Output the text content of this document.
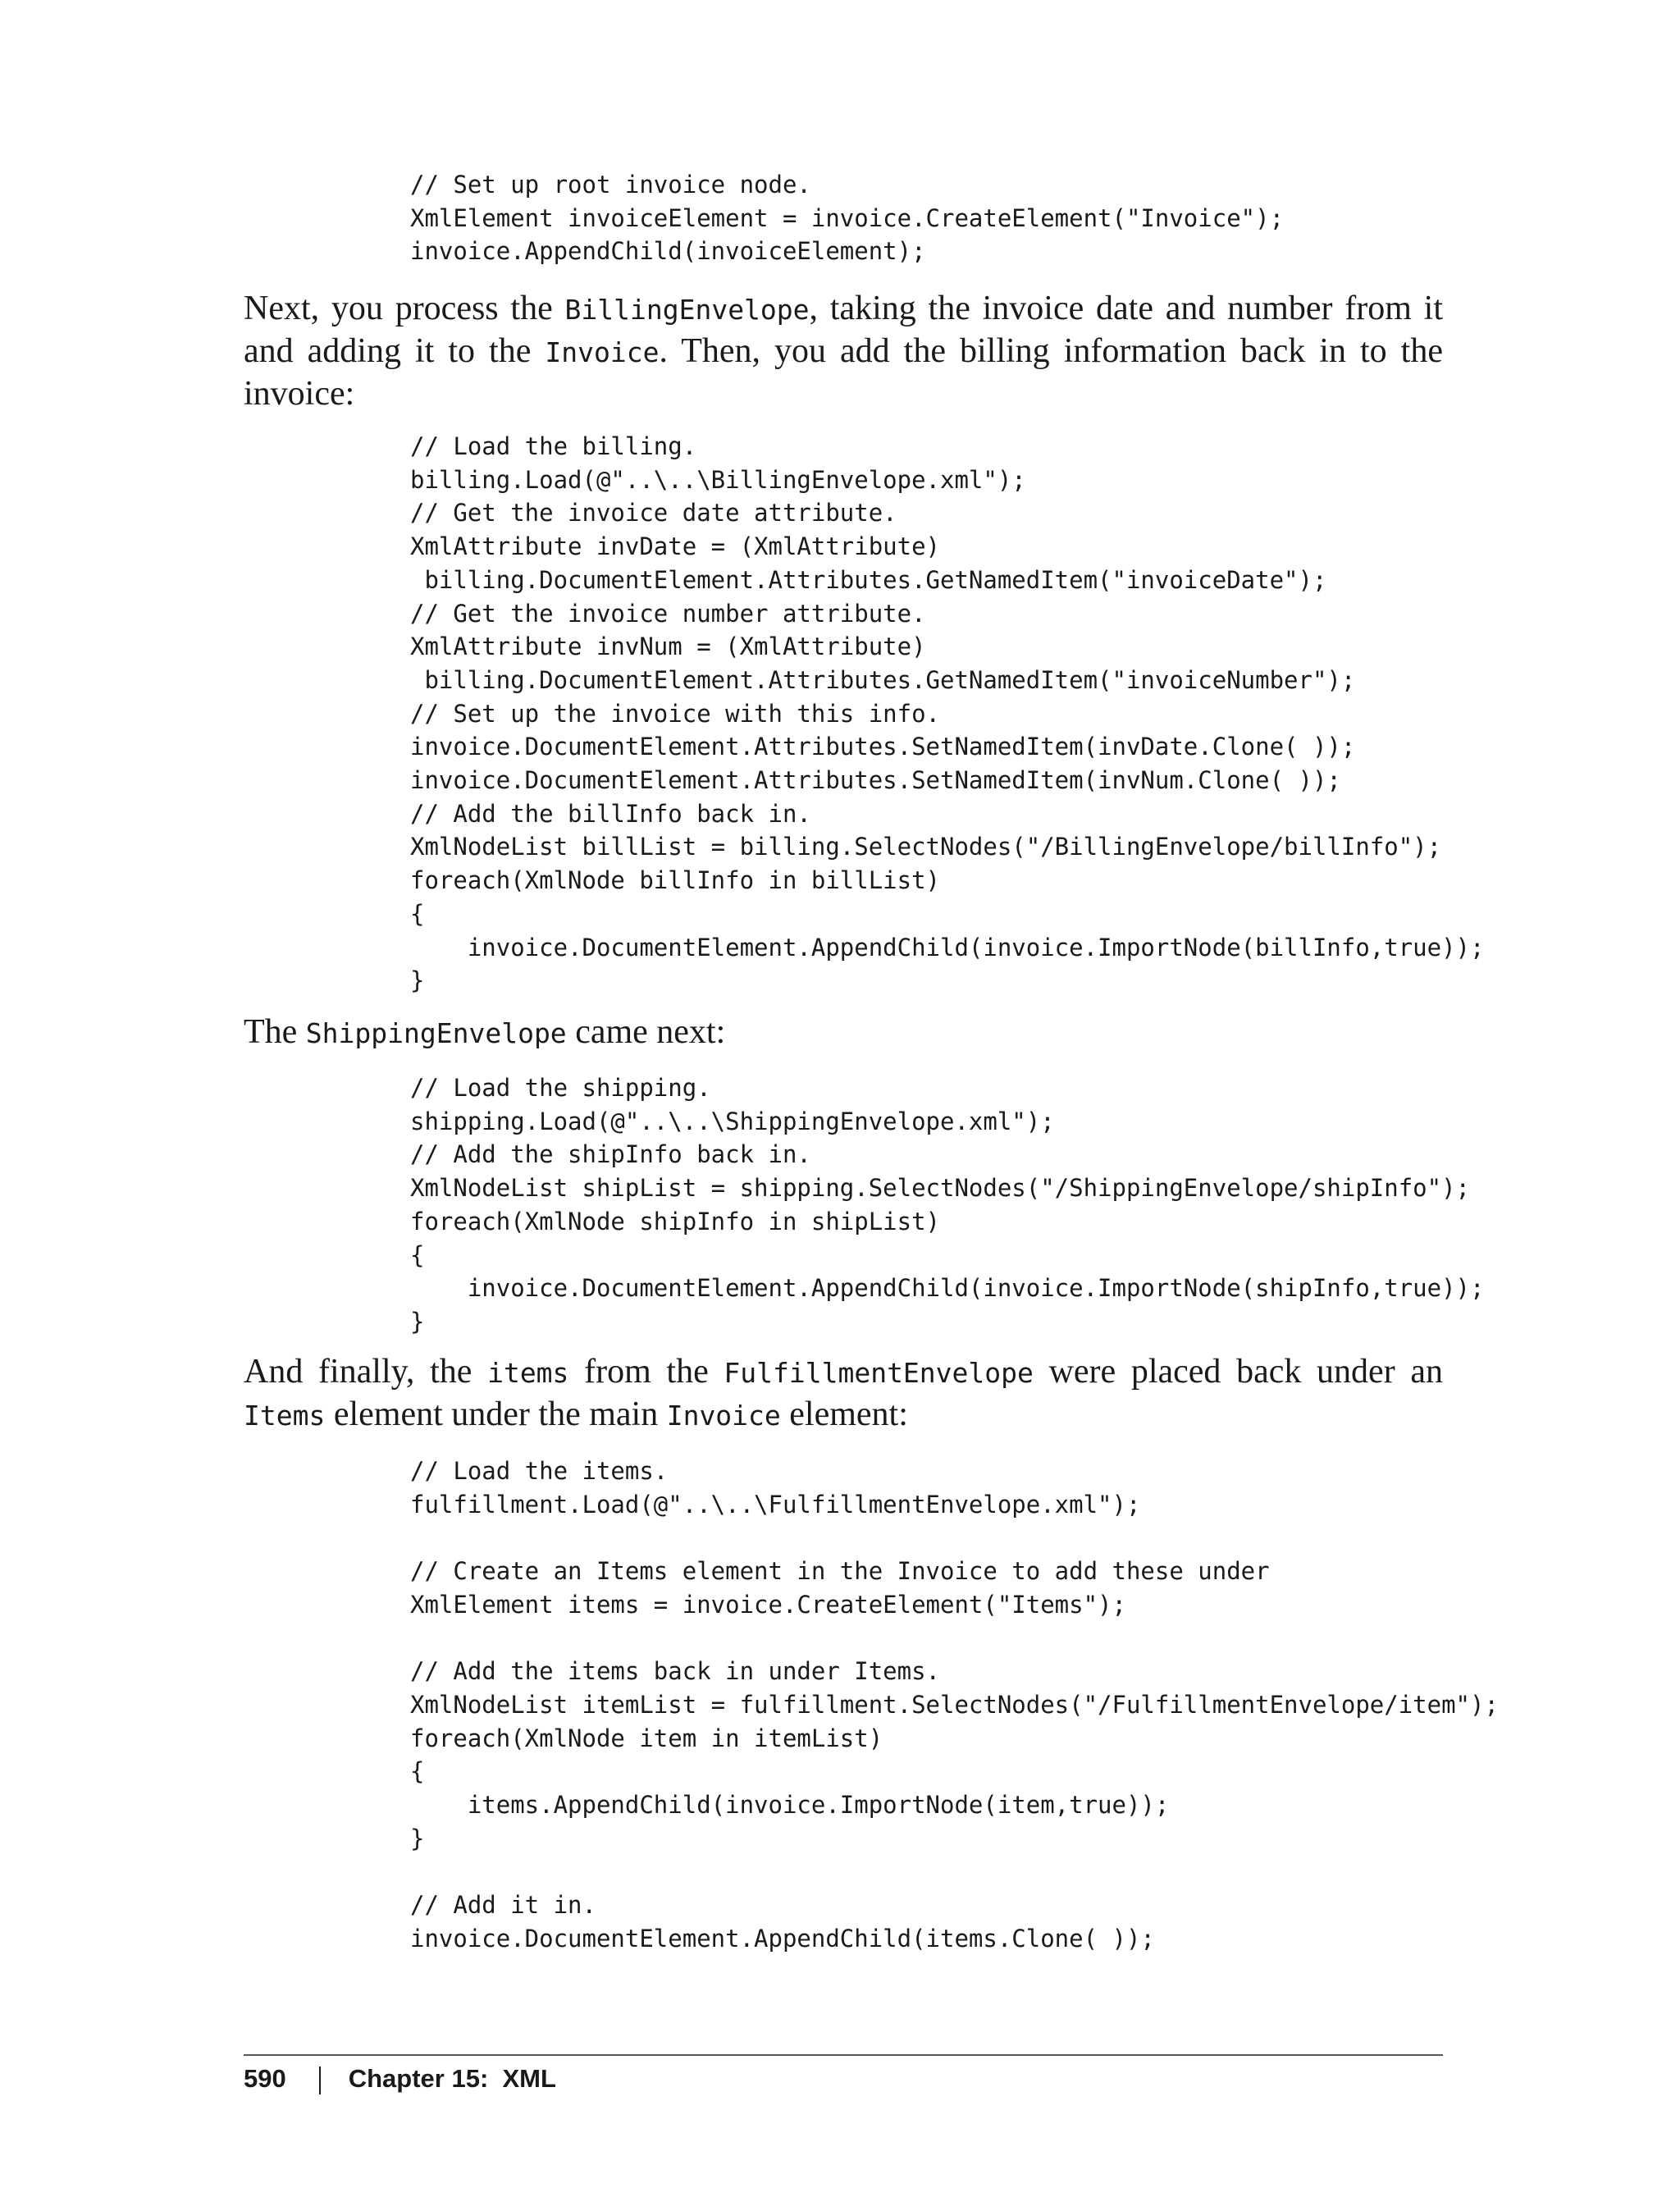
// Set up root invoice node.
XmlElement invoiceElement = invoice.CreateElement("Invoice");
invoice.AppendChild(invoiceElement);

Next, you process the BillingEnvelope, taking the invoice date and number from it and adding it to the Invoice. Then, you add the billing information back in to the invoice:

// Load the billing.
billing.Load(@"..\..\BillingEnvelope.xml");
// Get the invoice date attribute.
XmlAttribute invDate = (XmlAttribute)
billing.DocumentElement.Attributes.GetNamedItem("invoiceDate");
// Get the invoice number attribute.
XmlAttribute invNum = (XmlAttribute)
billing.DocumentElement.Attributes.GetNamedItem("invoiceNumber");
// Set up the invoice with this info.
invoice.DocumentElement.Attributes.SetNamedItem(invDate.Clone( ));
invoice.DocumentElement.Attributes.SetNamedItem(invNum.Clone( ));
// Add the billInfo back in.
XmlNodeList billList = billing.SelectNodes("/BillingEnvelope/billInfo");
foreach(XmlNode billInfo in billList)
{
invoice.DocumentElement.AppendChild(invoice.ImportNode(billInfo,true));
}

The ShippingEnvelope came next:

// Load the shipping.
shipping.Load(@"..\..\ShippingEnvelope.xml");
// Add the shipInfo back in.
XmlNodeList shipList = shipping.SelectNodes("/ShippingEnvelope/shipInfo");
foreach(XmlNode shipInfo in shipList)
{
invoice.DocumentElement.AppendChild(invoice.ImportNode(shipInfo,true));
}

And finally, the items from the FulfillmentEnvelope were placed back under an Items element under the main Invoice element:

// Load the items.
fulfillment.Load(@"..\..\FulfillmentEnvelope.xml");

// Create an Items element in the Invoice to add these under
XmlElement items = invoice.CreateElement("Items");

// Add the items back in under Items.
XmlNodeList itemList = fulfillment.SelectNodes("/FulfillmentEnvelope/item");
foreach(XmlNode item in itemList)
{
items.AppendChild(invoice.ImportNode(item,true));
}

// Add it in.
invoice.DocumentElement.AppendChild(items.Clone( ));
590 Chapter 15:  XML
